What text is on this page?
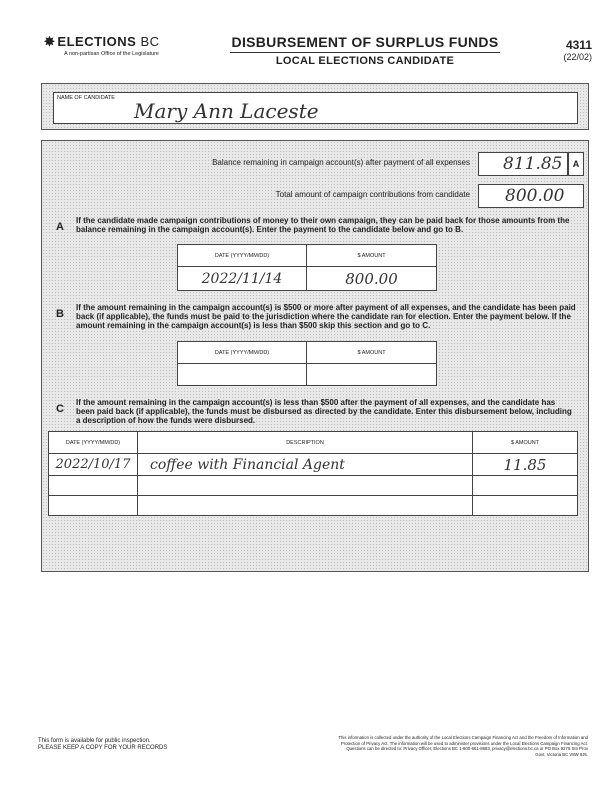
✸ ELECTIONS BC
A non-partisan Office of the Legislature
DISBURSEMENT OF SURPLUS FUNDS
LOCAL ELECTIONS CANDIDATE
4311
(22/02)
NAME OF CANDIDATE
Mary Ann Laceste
Balance remaining in campaign account(s) after payment of all expenses 811.85	A
Total amount of campaign contributions from candidate 800.00
A
If the candidate made campaign contributions of money to their own campaign, they can be paid back for those amounts from the balance remaining in the campaign account(s). Enter the payment to the candidate below and go to B.
DATE (YYYY/MM/DD)	$ AMOUNT
2022/11/14	800.00
B
If the amount remaining in the campaign account(s) is $500 or more after payment of all expenses, and the candidate has been paid back (if applicable), the funds must be paid to the jurisdiction where the candidate ran for election. Enter the payment below. If the amount remaining in the campaign account(s) is less than $500 skip this section and go to C.
DATE (YYYY/MM/DD)	$ AMOUNT

C
If the amount remaining in the campaign account(s) is less than $500 after the payment of all expenses, and the candidate has been paid back (if applicable), the funds must be disbursed as directed by the candidate. Enter this disbursement below, including a description of how the funds were disbursed.
DATE (YYYY/MM/DD)	DESCRIPTION	$ AMOUNT
2022/10/17	coffee with Financial Agent	11.85

This form is available for public inspection.
PLEASE KEEP A COPY FOR YOUR RECORDS
This information is collected under the authority of the Local Elections Campaign Financing Act and the Freedom of Information and Protection of Privacy Act. The information will be used to administer provisions under the Local Elections Campaign Financing Act. Questions can be directed to: Privacy Officer, Elections BC 1-800-661-8683, privacy@elections.bc.ca or PO Box 9275 Stn Prov Govt, Victoria BC V8W 9J6.
